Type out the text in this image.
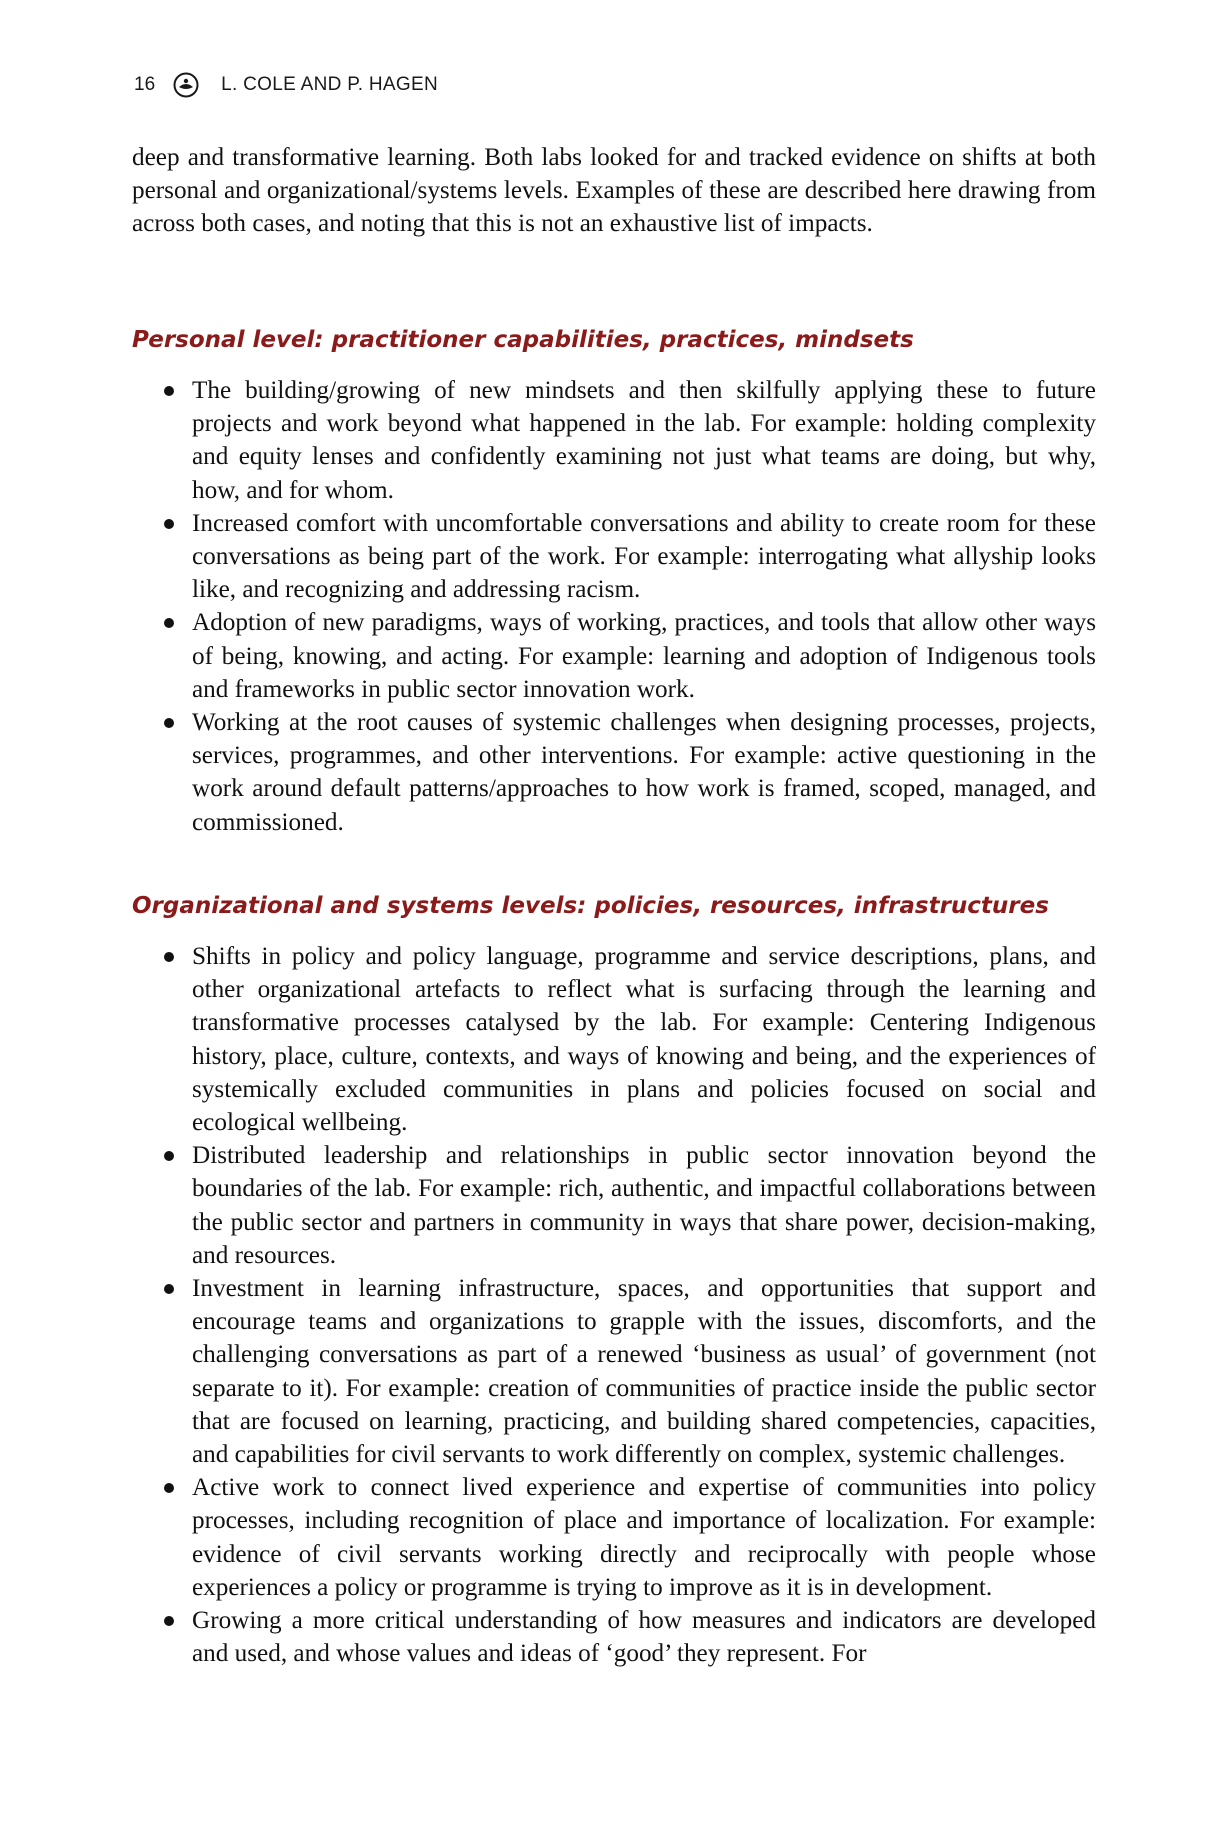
16	L. COLE AND P. HAGEN

deep and transformative learning. Both labs looked for and tracked evidence on shifts at both personal and organizational/systems levels. Examples of these are described here drawing from across both cases, and noting that this is not an exhaustive list of impacts.

Personal level: practitioner capabilities, practices, mindsets
The building/growing of new mindsets and then skilfully applying these to future projects and work beyond what happened in the lab. For example: holding complexity and equity lenses and confidently examining not just what teams are doing, but why, how, and for whom.
Increased comfort with uncomfortable conversations and ability to create room for these conversations as being part of the work. For example: interrogating what allyship looks like, and recognizing and addressing racism.
Adoption of new paradigms, ways of working, practices, and tools that allow other ways of being, knowing, and acting. For example: learning and adoption of Indigenous tools and frameworks in public sector innovation work.
Working at the root causes of systemic challenges when designing processes, projects, services, programmes, and other interventions. For example: active questioning in the work around default patterns/approaches to how work is framed, scoped, managed, and commissioned.
Organizational and systems levels: policies, resources, infrastructures
Shifts in policy and policy language, programme and service descriptions, plans, and other organizational artefacts to reflect what is surfacing through the learning and transformative processes catalysed by the lab. For example: Centering Indigenous history, place, culture, contexts, and ways of knowing and being, and the experiences of systemically excluded communities in plans and policies focused on social and ecological wellbeing.
Distributed leadership and relationships in public sector innovation beyond the boundaries of the lab. For example: rich, authentic, and impactful collaborations between the public sector and partners in community in ways that share power, decision-making, and resources.
Investment in learning infrastructure, spaces, and opportunities that support and encourage teams and organizations to grapple with the issues, discomforts, and the challenging conversations as part of a renewed ‘business as usual’ of government (not separate to it). For example: creation of communities of practice inside the public sector that are focused on learning, practicing, and building shared competencies, capacities, and capabilities for civil servants to work differently on complex, systemic challenges.
Active work to connect lived experience and expertise of communities into policy processes, including recognition of place and importance of localization. For example: evidence of civil servants working directly and reciprocally with people whose experiences a policy or programme is trying to improve as it is in development.
Growing a more critical understanding of how measures and indicators are developed and used, and whose values and ideas of ‘good’ they represent. For
